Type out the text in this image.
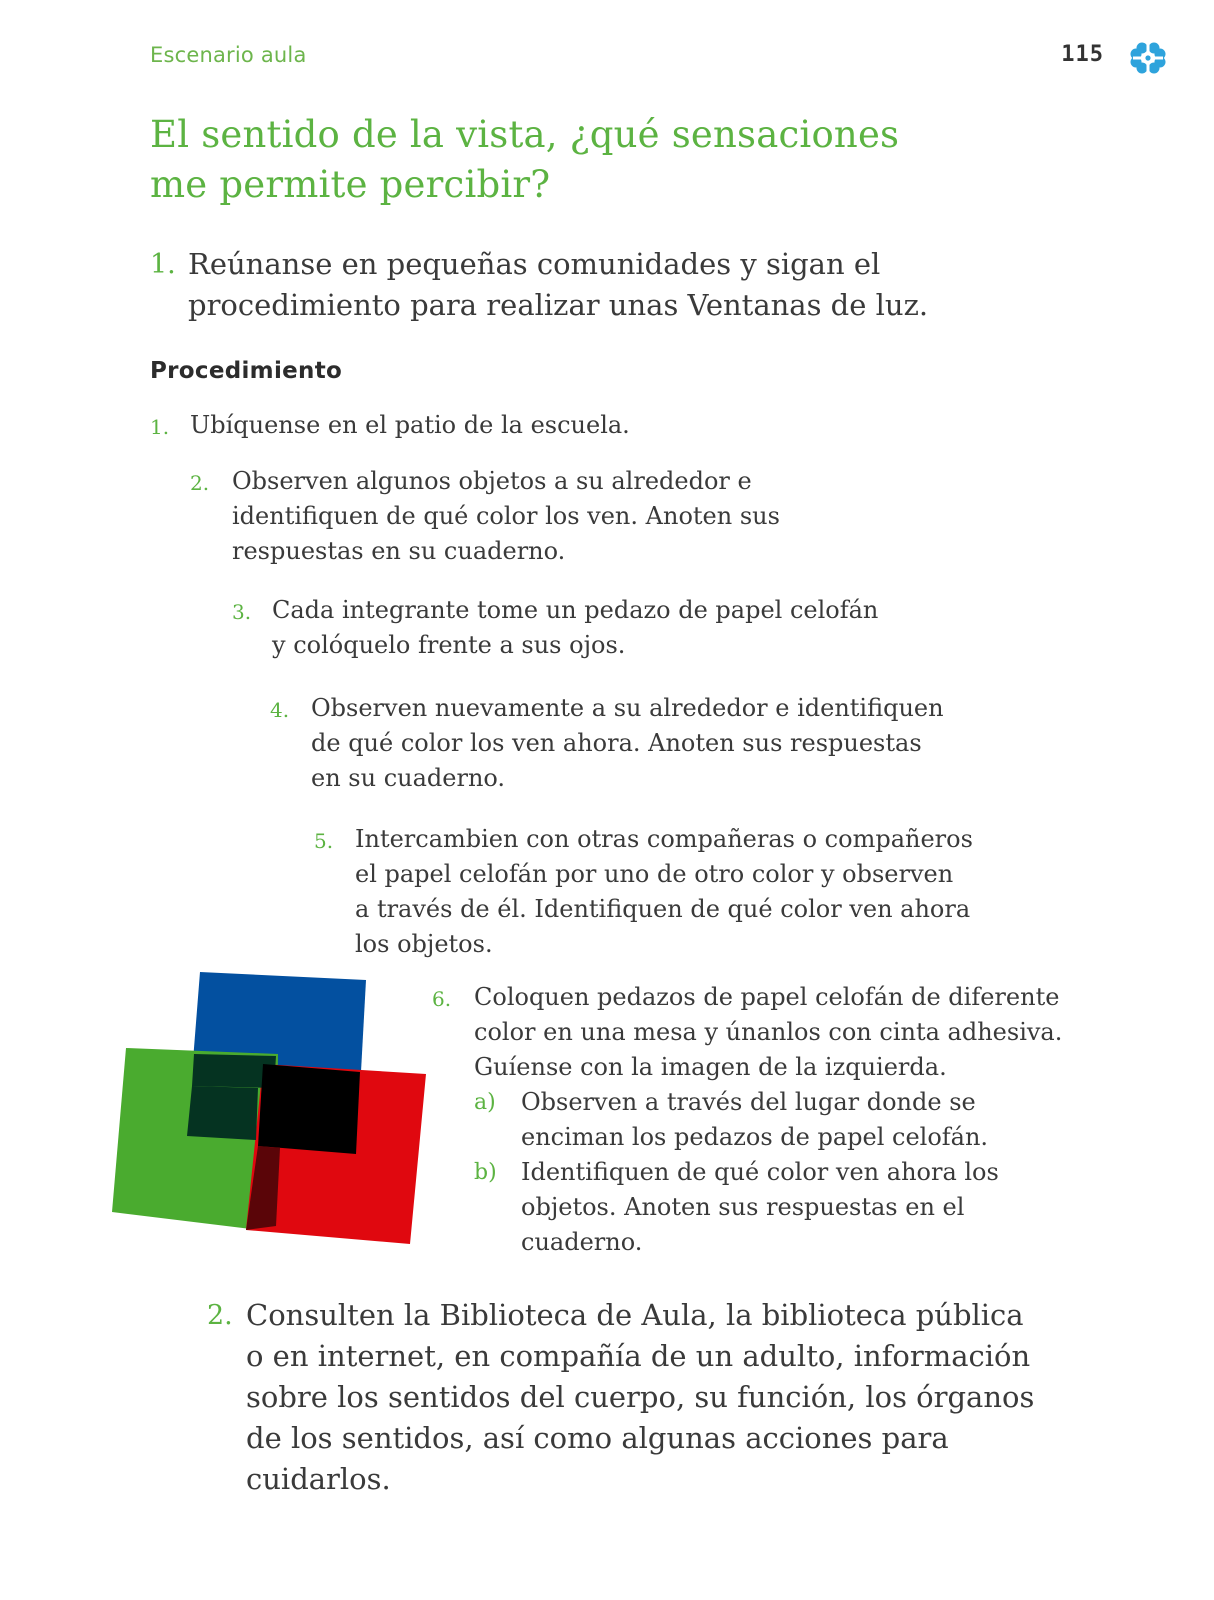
Escenario aula	115
El sentido de la vista, ¿qué sensaciones
me permite percibir?
1. Reúnanse en pequeñas comunidades y sigan el
procedimiento para realizar unas Ventanas de luz.
Procedimiento
1. Ubíquense en el patio de la escuela.
2. Observen algunos objetos a su alrededor e
identifiquen de qué color los ven. Anoten sus
respuestas en su cuaderno.
3. Cada integrante tome un pedazo de papel celofán
y colóquelo frente a sus ojos.
4. Observen nuevamente a su alrededor e identifiquen
de qué color los ven ahora. Anoten sus respuestas
en su cuaderno.
5. Intercambien con otras compañeras o compañeros
el papel celofán por uno de otro color y observen
a través de él. Identifiquen de qué color ven ahora
los objetos.
6. Coloquen pedazos de papel celofán de diferente
color en una mesa y únanlos con cinta adhesiva.
Guíense con la imagen de la izquierda.
a) Observen a través del lugar donde se
enciman los pedazos de papel celofán.
b) Identifiquen de qué color ven ahora los
objetos. Anoten sus respuestas en el
cuaderno.
2. Consulten la Biblioteca de Aula, la biblioteca pública
o en internet, en compañía de un adulto, información
sobre los sentidos del cuerpo, su función, los órganos
de los sentidos, así como algunas acciones para
cuidarlos.
